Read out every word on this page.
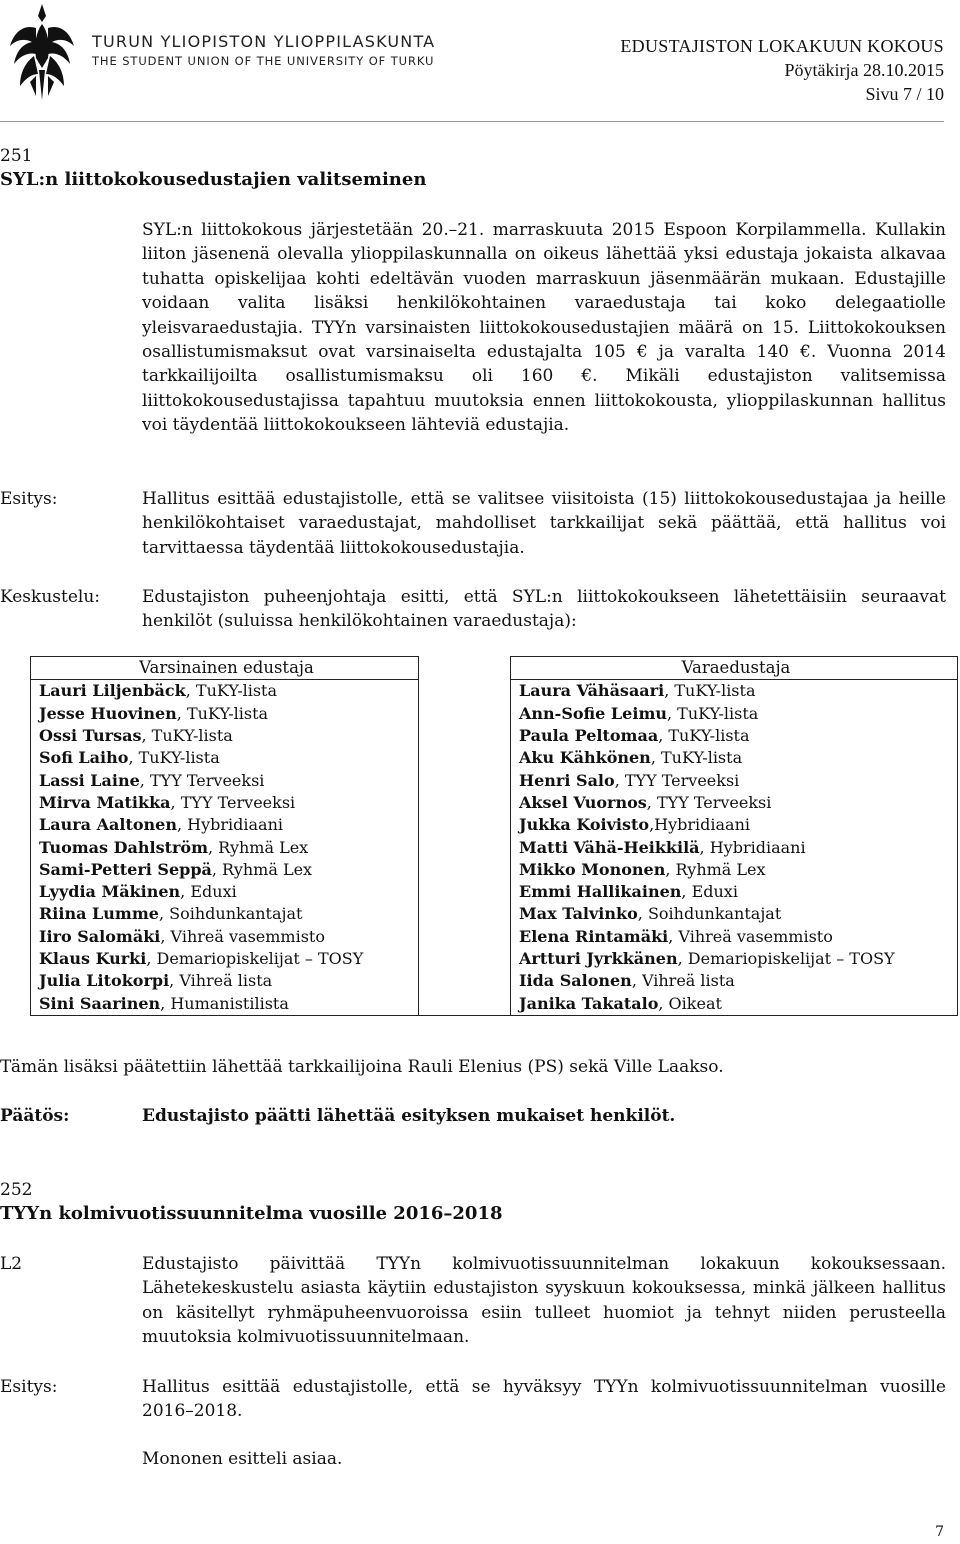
TURUN YLIOPISTON YLIOPPILASKUNTA
THE STUDENT UNION OF THE UNIVERSITY OF TURKU
EDUSTAJISTON LOKAKUUN KOKOUS
Pöytäkirja 28.10.2015
Sivu 7 / 10
251
SYL:n liittokokousedustajien valitseminen
SYL:n liittokokous järjestetään 20.–21. marraskuuta 2015 Espoon Korpilammella. Kullakin liiton jäsenenä olevalla ylioppilaskunnalla on oikeus lähettää yksi edustaja jokaista alkavaa tuhatta opiskelijaa kohti edeltävän vuoden marraskuun jäsenmäärän mukaan. Edustajille voidaan valita lisäksi henkilökohtainen varaedustaja tai koko delegaatiolle yleisvaraedustajia. TYYn varsinaisten liittokokousedustajien määrä on 15. Liittokokouksen osallistumismaksut ovat varsinaiselta edustajalta 105 € ja varalta 140 €. Vuonna 2014 tarkkailijoilta osallistumismaksu oli 160 €. Mikäli edustajiston valitsemissa liittokokousedustajissa tapahtuu muutoksia ennen liittokokousta, ylioppilaskunnan hallitus voi täydentää liittokokoukseen lähteviä edustajia.
Esitys:	Hallitus esittää edustajistolle, että se valitsee viisitoista (15) liittokokousedustajaa ja heille henkilökohtaiset varaedustajat, mahdolliset tarkkailijat sekä päättää, että hallitus voi tarvittaessa täydentää liittokokousedustajia.
Keskustelu: Edustajiston puheenjohtaja esitti, että SYL:n liittokokoukseen lähetettäisiin seuraavat henkilöt (suluissa henkilökohtainen varaedustaja):
Varsinainen edustaja		Varaedustaja
Lauri Liljenbäck, TuKY-lista		Laura Vähäsaari, TuKY-lista
Jesse Huovinen, TuKY-lista		Ann-Sofie Leimu, TuKY-lista
Ossi Tursas, TuKY-lista		Paula Peltomaa, TuKY-lista
Sofi Laiho, TuKY-lista		Aku Kähkönen, TuKY-lista
Lassi Laine, TYY Terveeksi		Henri Salo, TYY Terveeksi
Mirva Matikka, TYY Terveeksi		Aksel Vuornos, TYY Terveeksi
Laura Aaltonen, Hybridiaani		Jukka Koivisto,Hybridiaani
Tuomas Dahlström, Ryhmä Lex		Matti Vähä-Heikkilä, Hybridiaani
Sami-Petteri Seppä, Ryhmä Lex		Mikko Mononen, Ryhmä Lex
Lyydia Mäkinen, Eduxi		Emmi Hallikainen, Eduxi
Riina Lumme, Soihdunkantajat		Max Talvinko, Soihdunkantajat
Iiro Salomäki, Vihreä vasemmisto		Elena Rintamäki, Vihreä vasemmisto
Klaus Kurki, Demariopiskelijat – TOSY		Artturi Jyrkkänen, Demariopiskelijat – TOSY
Julia Litokorpi, Vihreä lista		Iida Salonen, Vihreä lista
Sini Saarinen, Humanistilista		Janika Takatalo, Oikeat
Tämän lisäksi päätettiin lähettää tarkkailijoina Rauli Elenius (PS) sekä Ville Laakso.
Päätös:	Edustajisto päätti lähettää esityksen mukaiset henkilöt.
252
TYYn kolmivuotissuunnitelma vuosille 2016–2018
L2	Edustajisto päivittää TYYn kolmivuotissuunnitelman lokakuun kokouksessaan. Lähetekeskustelu asiasta käytiin edustajiston syyskuun kokouksessa, minkä jälkeen hallitus on käsitellyt ryhmäpuheenvuoroissa esiin tulleet huomiot ja tehnyt niiden perusteella muutoksia kolmivuotissuunnitelmaan.
Esitys:	Hallitus esittää edustajistolle, että se hyväksyy TYYn kolmivuotissuunnitelman vuosille 2016–2018.
Mononen esitteli asiaa.
7
